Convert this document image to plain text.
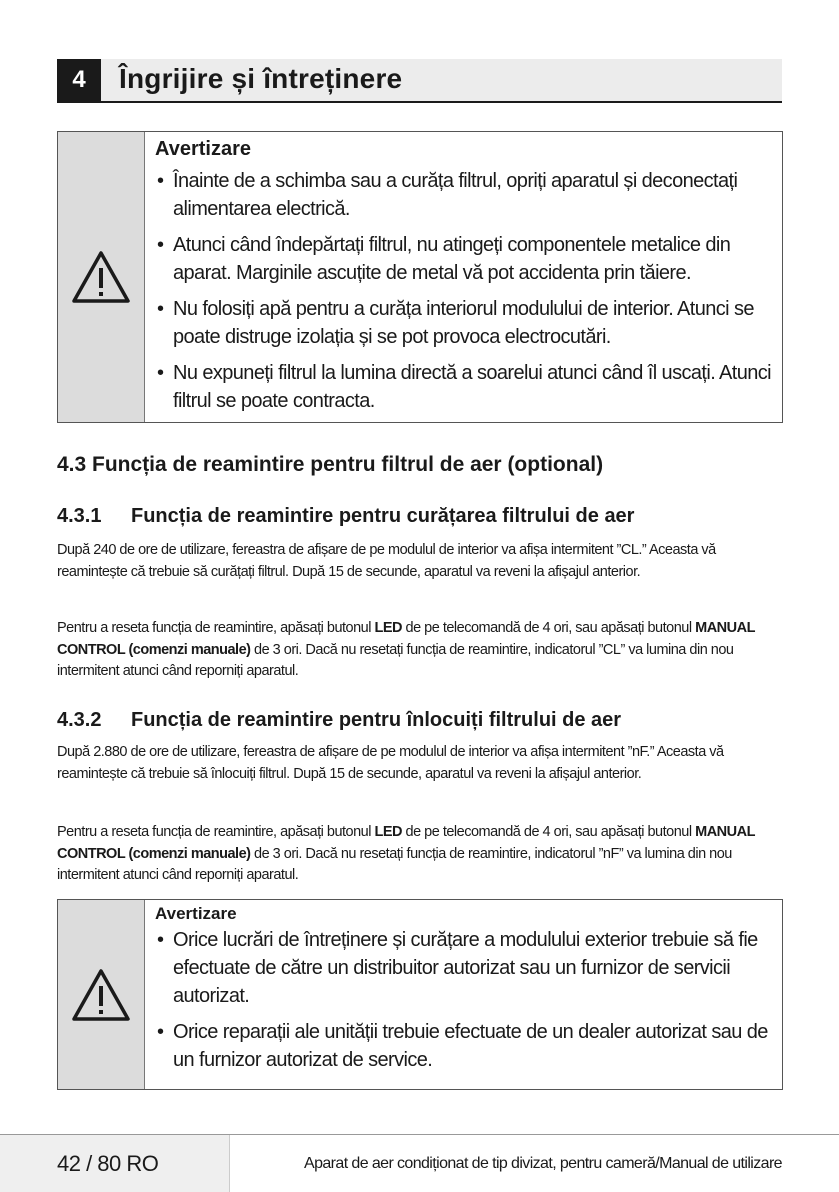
4	Îngrijire și întreținere
Avertizare
• Înainte de a schimba sau a curăța filtrul, opriți aparatul și deconectați alimentarea electrică.
• Atunci când îndepărtați filtrul, nu atingeți componentele metalice din aparat. Marginile ascuțite de metal vă pot accidenta prin tăiere.
• Nu folosiți apă pentru a curăța interiorul modulului de interior. Atunci se poate distruge izolația și se pot provoca electrocutări.
• Nu expuneți filtrul la lumina directă a soarelui atunci când îl uscați. Atunci filtrul se poate contracta.
4.3 Funcția de reamintire pentru filtrul de aer (optional)
4.3.1 Funcția de reamintire pentru curățarea filtrului de aer

După 240 de ore de utilizare, fereastra de afișare de pe modulul de interior va afișa intermitent ”CL.” Aceasta vă reamintește că trebuie să curățați filtrul. După 15 de secunde, aparatul va reveni la afișajul anterior.

Pentru a reseta funcția de reamintire, apăsați butonul LED de pe telecomandă de 4 ori, sau apăsați butonul MANUAL CONTROL (comenzi manuale) de 3 ori. Dacă nu resetați funcția de reamintire, indicatorul ”CL” va lumina din nou intermitent atunci când reporniți aparatul.

4.3.2 Funcția de reamintire pentru înlocuiți filtrului de aer

După 2.880 de ore de utilizare, fereastra de afișare de pe modulul de interior va afișa intermitent ”nF.” Aceasta vă reamintește că trebuie să înlocuiți filtrul. După 15 de secunde, aparatul va reveni la afișajul anterior.

Pentru a reseta funcția de reamintire, apăsați butonul LED de pe telecomandă de 4 ori, sau apăsați butonul MANUAL CONTROL (comenzi manuale) de 3 ori. Dacă nu resetați funcția de reamintire, indicatorul ”nF” va lumina din nou intermitent atunci când reporniți aparatul.

Avertizare
• Orice lucrări de întreținere și curățare a modulului exterior trebuie să fie efectuate de către un distribuitor autorizat sau un furnizor de servicii autorizat.
• Orice reparații ale unității trebuie efectuate de un dealer autorizat sau de un furnizor autorizat de service.
42 / 80 RO	Aparat de aer condiționat de tip divizat, pentru cameră/Manual de utilizare
